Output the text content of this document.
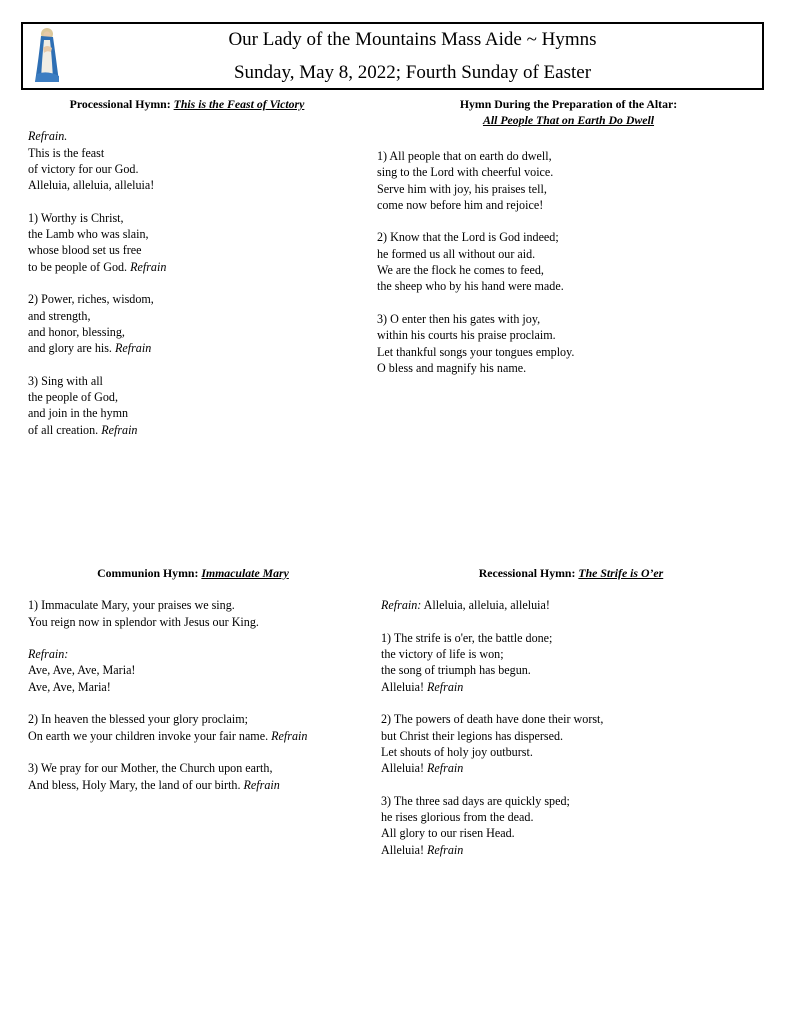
Our Lady of the Mountains Mass Aide ~ Hymns
Sunday, May 8, 2022; Fourth Sunday of Easter
Processional Hymn: This is the Feast of Victory
Refrain.
This is the feast
of victory for our God.
Alleluia, alleluia, alleluia!
1) Worthy is Christ,
the Lamb who was slain,
whose blood set us free
to be people of God. Refrain
2) Power, riches, wisdom,
and strength,
and honor, blessing,
and glory are his. Refrain
3) Sing with all
the people of God,
and join in the hymn
of all creation. Refrain
Hymn During the Preparation of the Altar:
All People That on Earth Do Dwell
1) All people that on earth do dwell,
sing to the Lord with cheerful voice.
Serve him with joy, his praises tell,
come now before him and rejoice!
2) Know that the Lord is God indeed;
he formed us all without our aid.
We are the flock he comes to feed,
the sheep who by his hand were made.
3) O enter then his gates with joy,
within his courts his praise proclaim.
Let thankful songs your tongues employ.
O bless and magnify his name.
Communion Hymn: Immaculate Mary
1) Immaculate Mary, your praises we sing.
You reign now in splendor with Jesus our King.
Refrain:
Ave, Ave, Ave, Maria!
Ave, Ave, Maria!
2) In heaven the blessed your glory proclaim;
On earth we your children invoke your fair name. Refrain
3) We pray for our Mother, the Church upon earth,
And bless, Holy Mary, the land of our birth. Refrain
Recessional Hymn: The Strife is O’er
Refrain: Alleluia, alleluia, alleluia!
1) The strife is o'er, the battle done;
the victory of life is won;
the song of triumph has begun.
Alleluia! Refrain
2) The powers of death have done their worst,
but Christ their legions has dispersed.
Let shouts of holy joy outburst.
Alleluia! Refrain
3) The three sad days are quickly sped;
he rises glorious from the dead.
All glory to our risen Head.
Alleluia! Refrain
